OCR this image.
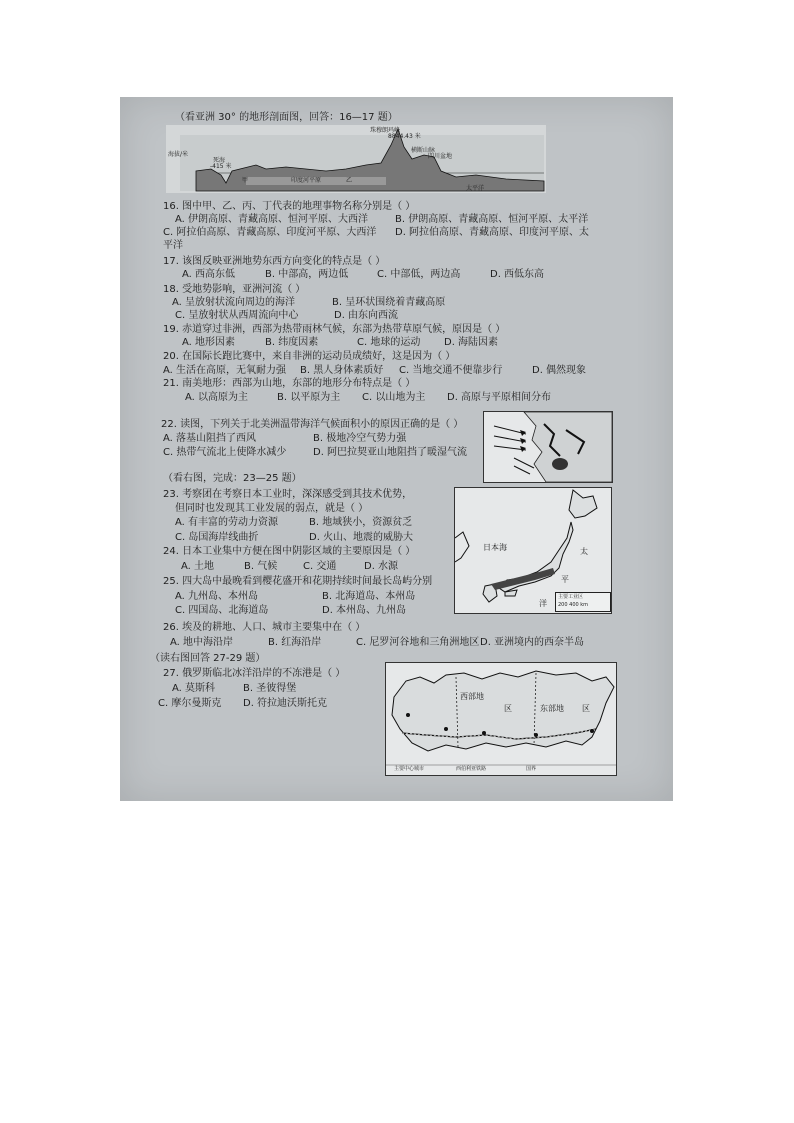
（看亚洲 30° 的地形剖面图，回答：16—17 题）
海拔/米
死海
-415 米
珠穆朗玛峰
8844.43 米
横断山脉
四川盆地
甲	乙
印度河平原
太平洋
16. 图中甲、乙、丙、丁代表的地理事物名称分别是（ ）
A. 伊朗高原、青藏高原、恒河平原、大西洋	B. 伊朗高原、青藏高原、恒河平原、太平洋
C. 阿拉伯高原、青藏高原、印度河平原、大西洋 D. 阿拉伯高原、青藏高原、印度河平原、太
平洋
17. 该图反映亚洲地势东西方向变化的特点是（ ）
A. 西高东低	B. 中部高，两边低	C. 中部低，两边高	D. 西低东高
18. 受地势影响，亚洲河流（ ）
A. 呈放射状流向周边的海洋	B. 呈环状围绕着青藏高原
C. 呈放射状从西周流向中心	D. 由东向西流
19. 赤道穿过非洲，西部为热带雨林气候，东部为热带草原气候，原因是（ ）
A. 地形因素	B. 纬度因素	C. 地球的运动 D. 海陆因素
20. 在国际长跑比赛中，来自非洲的运动员成绩好，这是因为（ ）
A. 生活在高原，无氧耐力强 B. 黑人身体素质好 C. 当地交通不便靠步行	D. 偶然现象
21. 南美地形：西部为山地，东部的地形分布特点是（ ）
A. 以高原为主	B. 以平原为主 C. 以山地为主 D. 高原与平原相间分布
22. 读图，下列关于北美洲温带海洋气候面积小的原因正确的是（ ）
A. 落基山阻挡了西风	B. 极地冷空气势力强
C. 热带气流北上使降水减少	D. 阿巴拉契亚山地阻挡了暖湿气流
（看右图，完成：23—25 题）
23. 考察团在考察日本工业时，深深感受到其技术优势，
但同时也发现其工业发展的弱点，就是（ ）
A. 有丰富的劳动力资源	B. 地域狭小，资源贫乏
C. 岛国海岸线曲折	D. 火山、地震的威胁大
24. 日本工业集中方便在图中阴影区域的主要原因是（ ）
A. 土地	B. 气候	C. 交通	D. 水源
25. 四大岛中最晚看到樱花盛开和花期持续时间最长岛屿分别
A. 九州岛、本州岛	B. 北海道岛、本州岛
C. 四国岛、北海道岛	D. 本州岛、九州岛
日本海	太
平
洋
主要工业区
200 400 km
26. 埃及的耕地、人口、城市主要集中在（ ）
A. 地中海沿岸	B. 红海沿岸	C. 尼罗河谷地和三角洲地区 D. 亚洲境内的西奈半岛
（读右图回答 27-29 题）
27. 俄罗斯临北冰洋沿岸的不冻港是（ ）
A. 莫斯科	B. 圣彼得堡
C. 摩尔曼斯克 D. 符拉迪沃斯托克
西部地
区	东部地 区
主要中心城市	西伯利亚铁路	国界
